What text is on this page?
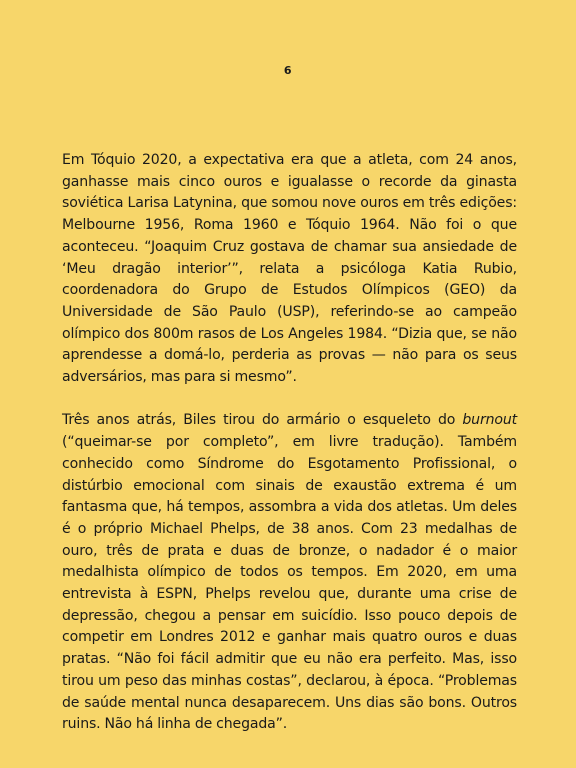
6

Em Tóquio 2020, a expectativa era que a atleta, com 24 anos, ganhasse mais cinco ouros e igualasse o recorde da ginasta soviética Larisa Latynina, que somou nove ouros em três edições: Melbourne 1956, Roma 1960 e Tóquio 1964. Não foi o que aconteceu. “Joaquim Cruz gostava de chamar sua ansiedade de ‘Meu dragão interior’”, relata a psicóloga Katia Rubio, coordenadora do Grupo de Estudos Olímpicos (GEO) da Universidade de São Paulo (USP), referindo-se ao campeão olímpico dos 800m rasos de Los Angeles 1984. “Dizia que, se não aprendesse a domá-lo, perderia as provas — não para os seus adversários, mas para si mesmo”.

Três anos atrás, Biles tirou do armário o esqueleto do burnout (“queimar-se por completo”, em livre tradução). Também conhecido como Síndrome do Esgotamento Profissional, o distúrbio emocional com sinais de exaustão extrema é um fantasma que, há tempos, assombra a vida dos atletas. Um deles é o próprio Michael Phelps, de 38 anos. Com 23 medalhas de ouro, três de prata e duas de bronze, o nadador é o maior medalhista olímpico de todos os tempos. Em 2020, em uma entrevista à ESPN, Phelps revelou que, durante uma crise de depressão, chegou a pensar em suicídio. Isso pouco depois de competir em Londres 2012 e ganhar mais quatro ouros e duas pratas. “Não foi fácil admitir que eu não era perfeito. Mas, isso tirou um peso das minhas costas”, declarou, à época. “Problemas de saúde mental nunca desaparecem. Uns dias são bons. Outros ruins. Não há linha de chegada”.
